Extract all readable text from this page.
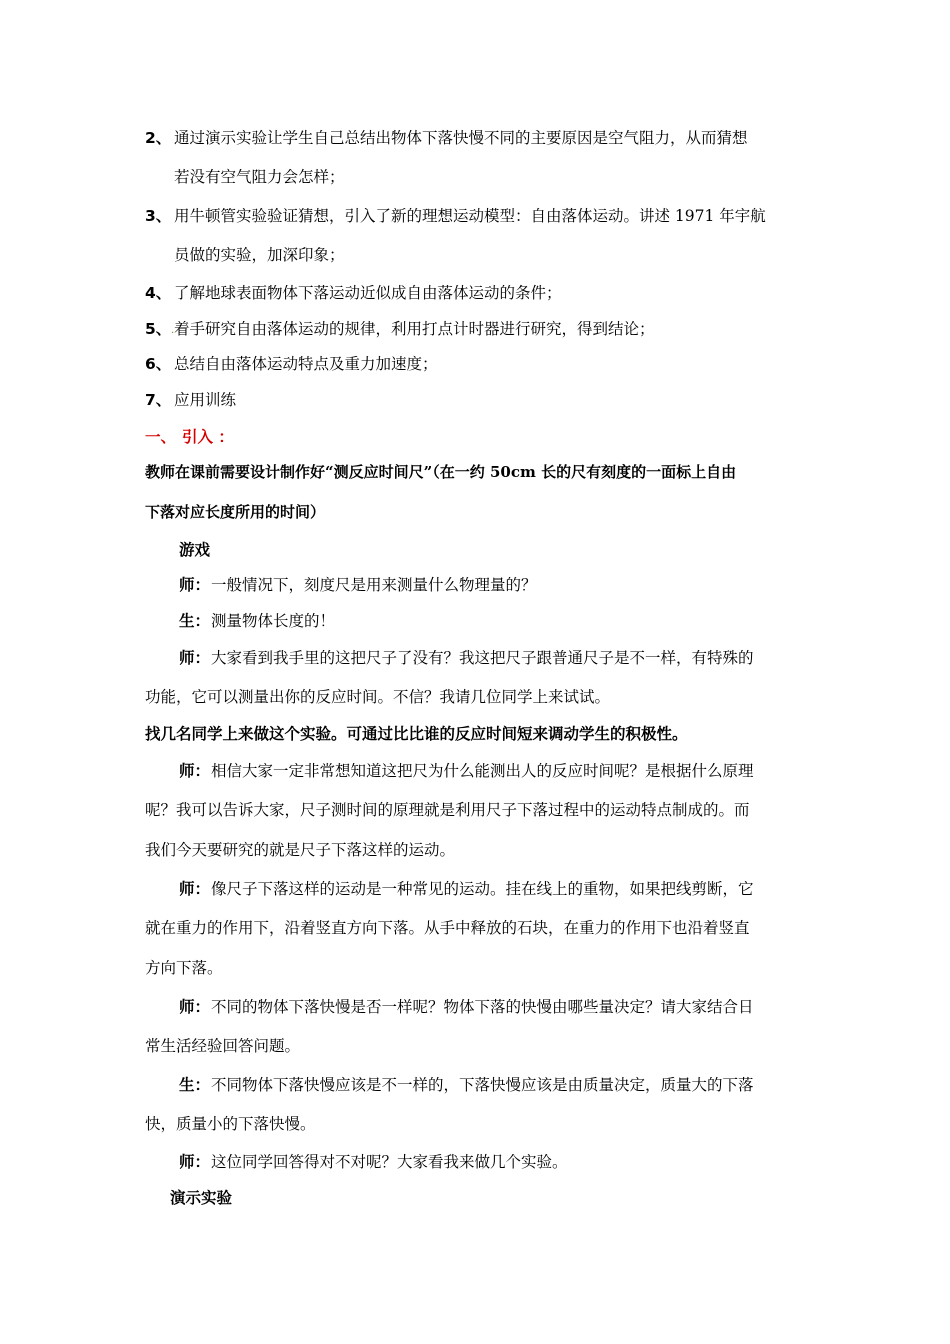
2、 通过演示实验让学生自己总结出物体下落快慢不同的主要原因是空气阻力，从而猜想
若没有空气阻力会怎样；
3、 用牛顿管实验验证猜想，引入了新的理想运动模型：自由落体运动。讲述 1971 年宇航
员做的实验，加深印象；
4、 了解地球表面物体下落运动近似成自由落体运动的条件；
5、 . 着手研究自由落体运动的规律，利用打点计时器进行研究，得到结论；
6、 总结自由落体运动特点及重力加速度；
7、 应用训练
一、 引入 ：
教师在课前需要设计制作好“测反应时间尺”（在一约 50cm 长的尺有刻度的一面标上自由
下落对应长度所用的时间）
游戏
师： 一般情况下，刻度尺是用来测量什么物理量的？
生： 测量物体长度的！
师： 大家看到我手里的这把尺子了没有？我这把尺子跟普通尺子是不一样，有特殊的
功能，它可以测量出你的反应时间。不信？我请几位同学上来试试。
找几名同学上来做这个实验。可通过比比谁的反应时间短来调动学生的积极性。
师： 相信大家一定非常想知道这把尺为什么能测出人的反应时间呢？是根据什么原理
呢？我可以告诉大家，尺子测时间的原理就是利用尺子下落过程中的运动特点制成的。而
我们今天要研究的就是尺子下落这样的运动。
师： 像尺子下落这样的运动是一种常见的运动。挂在线上的重物，如果把线剪断，它
就在重力的作用下，沿着竖直方向下落。从手中释放的石块，在重力的作用下也沿着竖直
方向下落。
师： 不同的物体下落快慢是否一样呢？物体下落的快慢由哪些量决定？请大家结合日
常生活经验回答问题。
生： 不同物体下落快慢应该是不一样的，下落快慢应该是由质量决定，质量大的下落
快，质量小的下落快慢。
师： 这位同学回答得对不对呢？大家看我来做几个实验。
演示实验
